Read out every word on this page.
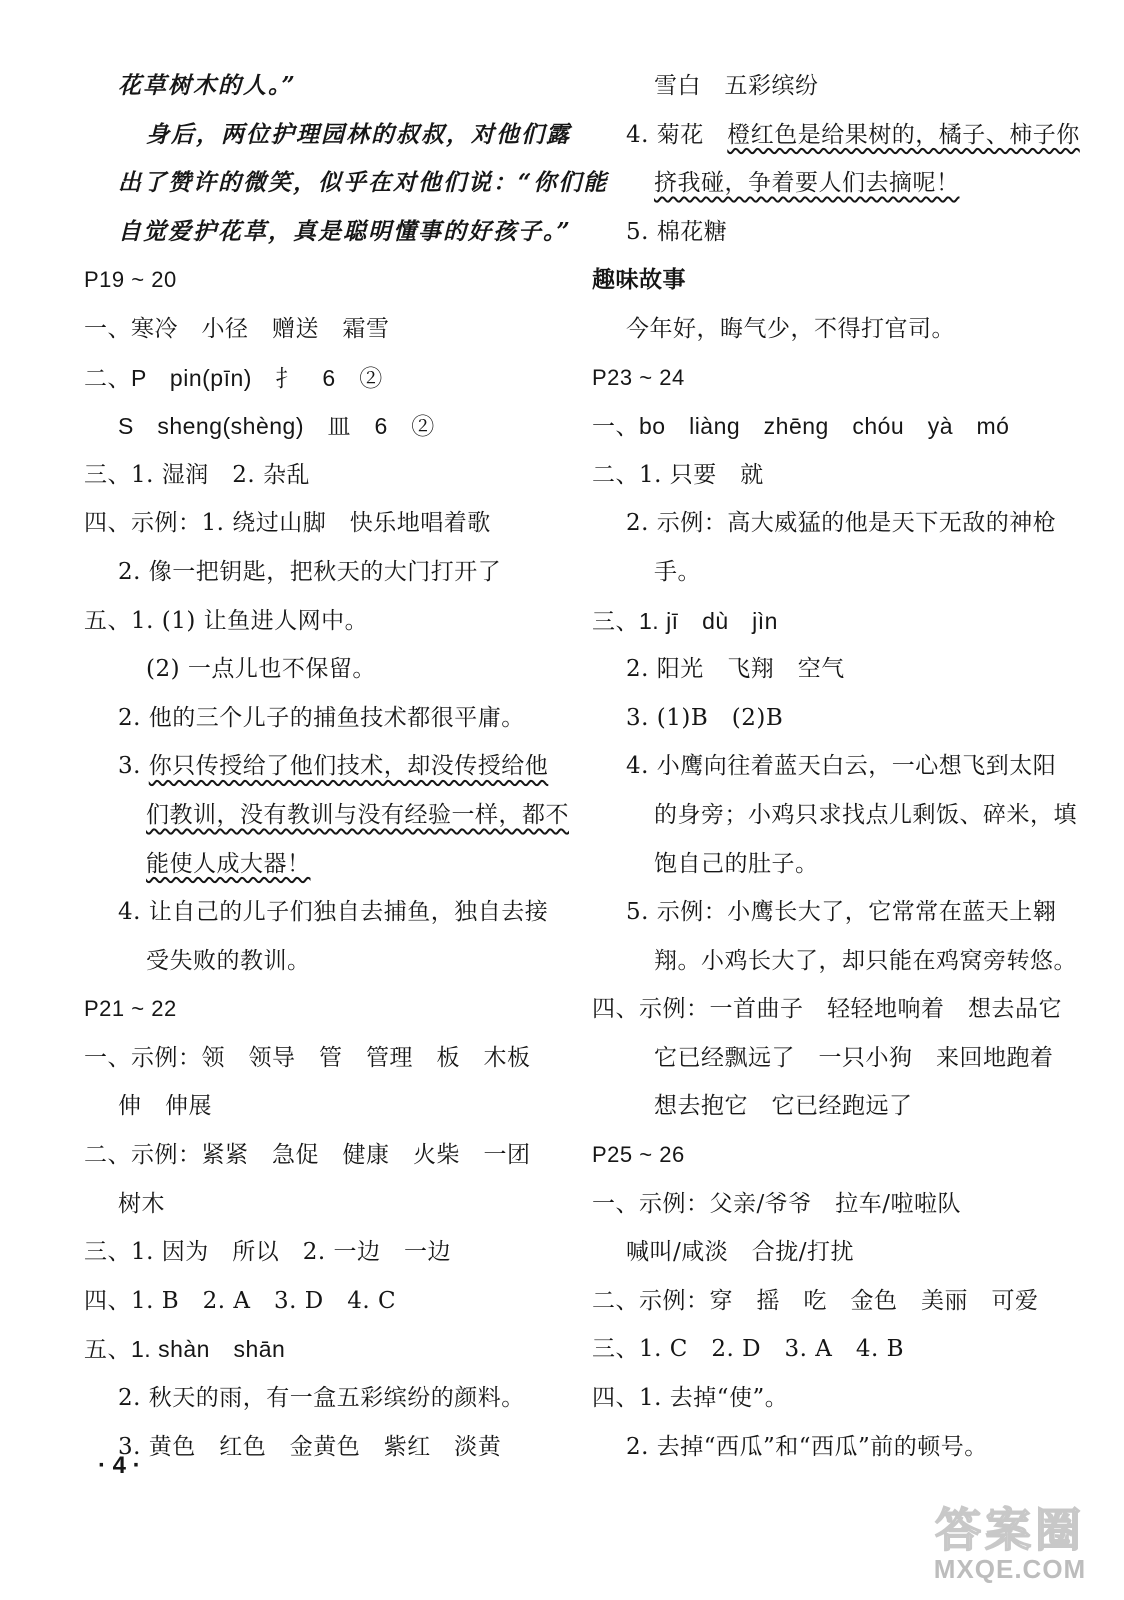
花草树木的人。”
身后，两位护理园林的叔叔，对他们露
出了赞许的微笑，似乎在对他们说：“你们能
自觉爱护花草，真是聪明懂事的好孩子。”
P19 ~ 20
一、寒冷　小径　赠送　霜雪
二、P　pin(pīn)　扌　6　②
S　sheng(shèng)　皿　6　②
三、1. 湿润　2. 杂乱
四、示例：1. 绕过山脚　快乐地唱着歌
2. 像一把钥匙，把秋天的大门打开了
五、1. (1) 让鱼进人网中。
(2) 一点儿也不保留。
2. 他的三个儿子的捕鱼技术都很平庸。
3. 你只传授给了他们技术，却没传授给他
们教训，没有教训与没有经验一样，都不
能使人成大器！
4. 让自己的儿子们独自去捕鱼，独自去接
受失败的教训。
P21 ~ 22
一、示例：领　领导　管　管理　板　木板
伸　伸展
二、示例：紧紧　急促　健康　火柴　一团
树木
三、1. 因为　所以　2. 一边　一边
四、1. B　2. A　3. D　4. C
五、1. shàn　shān
2. 秋天的雨，有一盒五彩缤纷的颜料。
3. 黄色　红色　金黄色　紫红　淡黄
雪白　五彩缤纷
4. 菊花　橙红色是给果树的，橘子、柿子你
挤我碰，争着要人们去摘呢！
5. 棉花糖
趣味故事
今年好，晦气少，不得打官司。
P23 ~ 24
一、bo　liàng　zhēng　chóu　yà　mó
二、1. 只要　就
2. 示例：高大威猛的他是天下无敌的神枪
手。
三、1. jī　dù　jìn
2. 阳光　飞翔　空气
3. (1)B　(2)B
4. 小鹰向往着蓝天白云，一心想飞到太阳
的身旁；小鸡只求找点儿剩饭、碎米，填
饱自己的肚子。
5. 示例：小鹰长大了，它常常在蓝天上翱
翔。小鸡长大了，却只能在鸡窝旁转悠。
四、示例：一首曲子　轻轻地响着　想去品它
它已经飘远了　一只小狗　来回地跑着
想去抱它　它已经跑远了
P25 ~ 26
一、示例：父亲/爷爷　拉车/啦啦队
喊叫/咸淡　合拢/打扰
二、示例：穿　摇　吃　金色　美丽　可爱
三、1. C　2. D　3. A　4. B
四、1. 去掉“使”。
2. 去掉“西瓜”和“西瓜”前的顿号。
· 4 ·
答案圈
MXQE.COM
